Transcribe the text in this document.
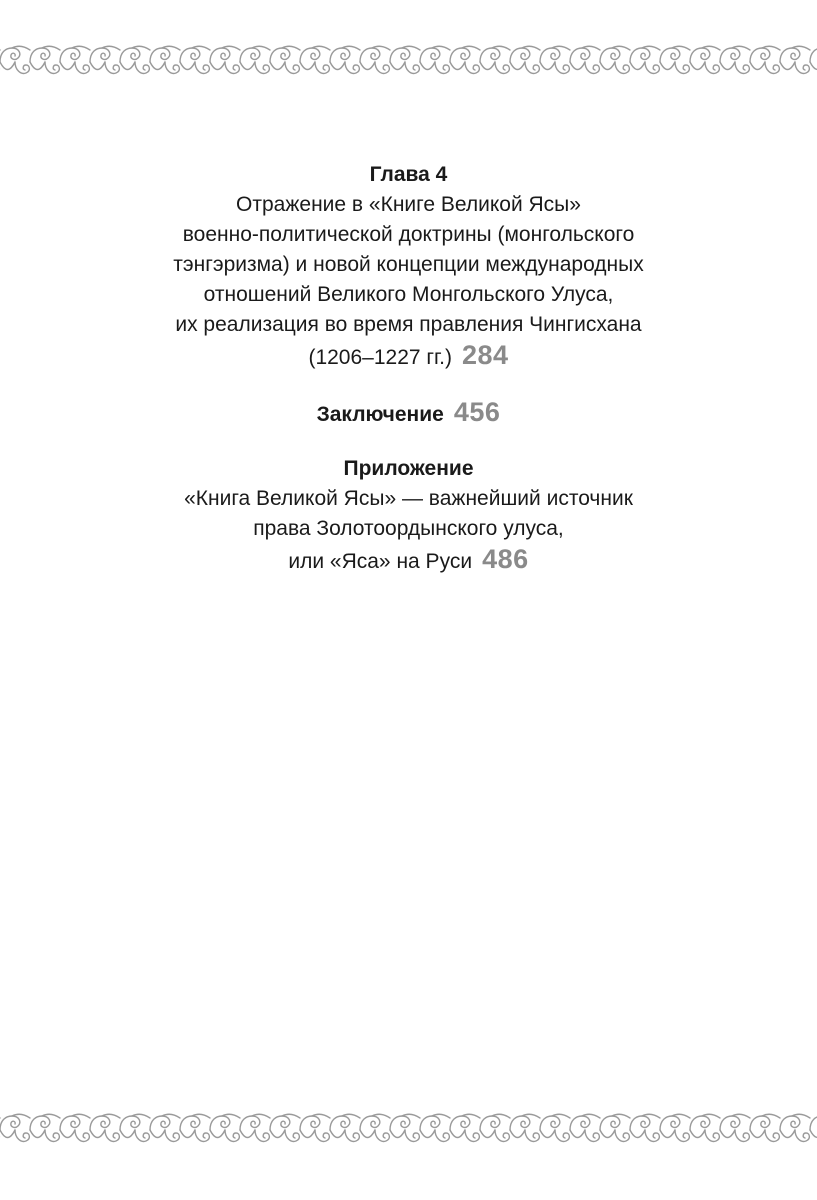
Глава 4
Отражение в «Книге Великой Ясы»
военно-политической доктрины (монгольского
тэнгэризма) и новой концепции международных
отношений Великого Монгольского Улуса,
их реализация во время правления Чингисхана
(1206–1227 гг.) 284
Заключение 456
Приложение
«Книга Великой Ясы» — важнейший источник
права Золотоордынского улуса,
или «Яса» на Руси 486
